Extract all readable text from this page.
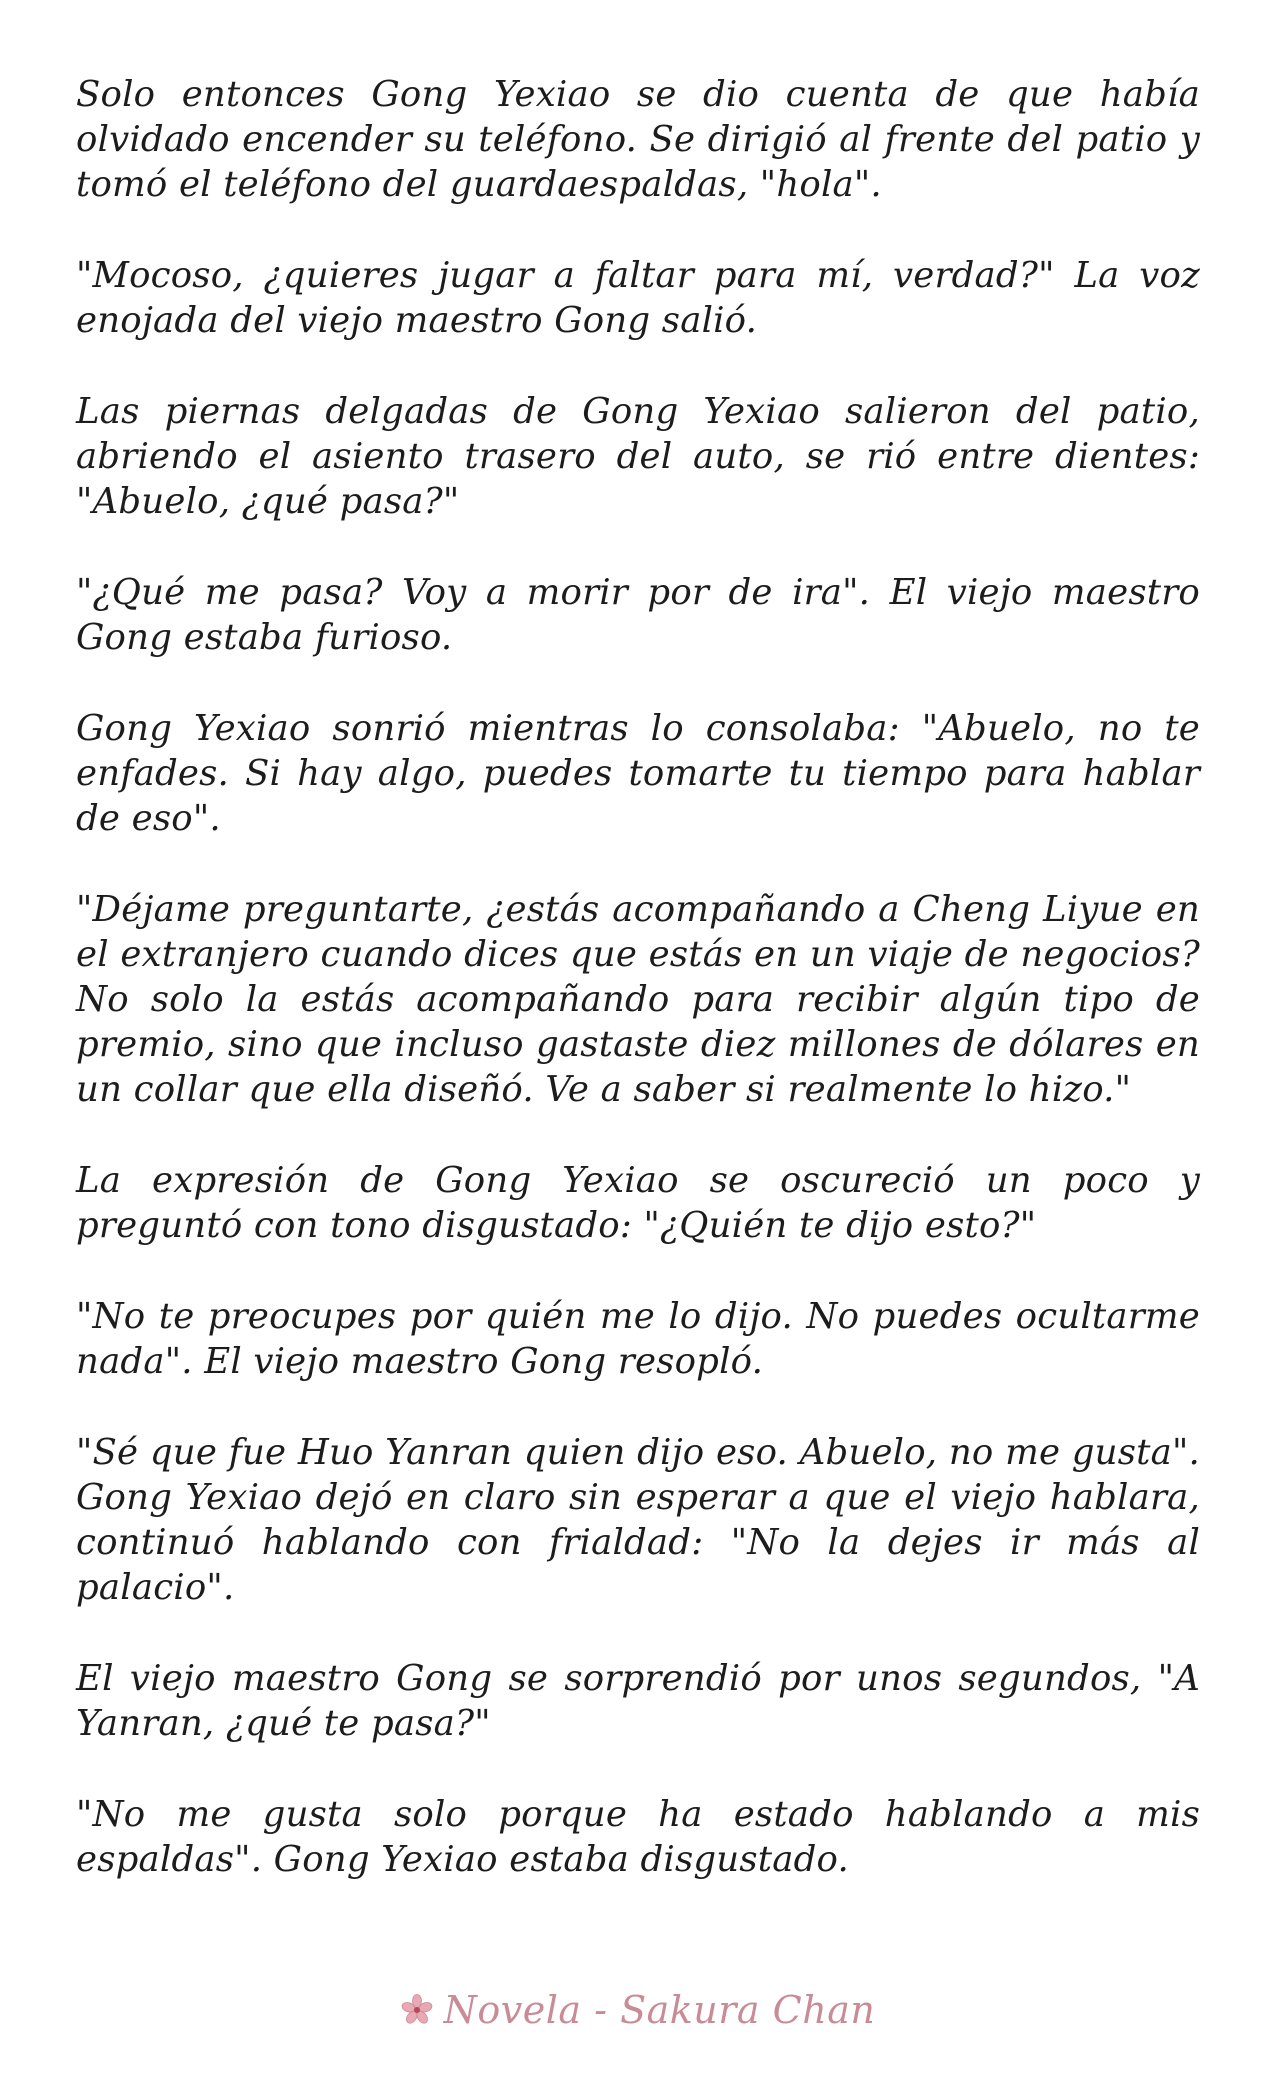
Solo entonces Gong Yexiao se dio cuenta de que había olvidado encender su teléfono. Se dirigió al frente del patio y tomó el teléfono del guardaespaldas, "hola".

"Mocoso, ¿quieres jugar a faltar para mí, verdad?" La voz enojada del viejo maestro Gong salió.

Las piernas delgadas de Gong Yexiao salieron del patio, abriendo el asiento trasero del auto, se rió entre dientes: "Abuelo, ¿qué pasa?"

"¿Qué me pasa? Voy a morir por de ira". El viejo maestro Gong estaba furioso.

Gong Yexiao sonrió mientras lo consolaba: "Abuelo, no te enfades. Si hay algo, puedes tomarte tu tiempo para hablar de eso".

"Déjame preguntarte, ¿estás acompañando a Cheng Liyue en el extranjero cuando dices que estás en un viaje de negocios? No solo la estás acompañando para recibir algún tipo de premio, sino que incluso gastaste diez millones de dólares en un collar que ella diseñó. Ve a saber si realmente lo hizo."

La expresión de Gong Yexiao se oscureció un poco y preguntó con tono disgustado: "¿Quién te dijo esto?"

"No te preocupes por quién me lo dijo. No puedes ocultarme nada". El viejo maestro Gong resopló.

"Sé que fue Huo Yanran quien dijo eso. Abuelo, no me gusta". Gong Yexiao dejó en claro sin esperar a que el viejo hablara, continuó hablando con frialdad: "No la dejes ir más al palacio".

El viejo maestro Gong se sorprendió por unos segundos, "A Yanran, ¿qué te pasa?"

"No me gusta solo porque ha estado hablando a mis espaldas". Gong Yexiao estaba disgustado.

Novela - Sakura Chan
